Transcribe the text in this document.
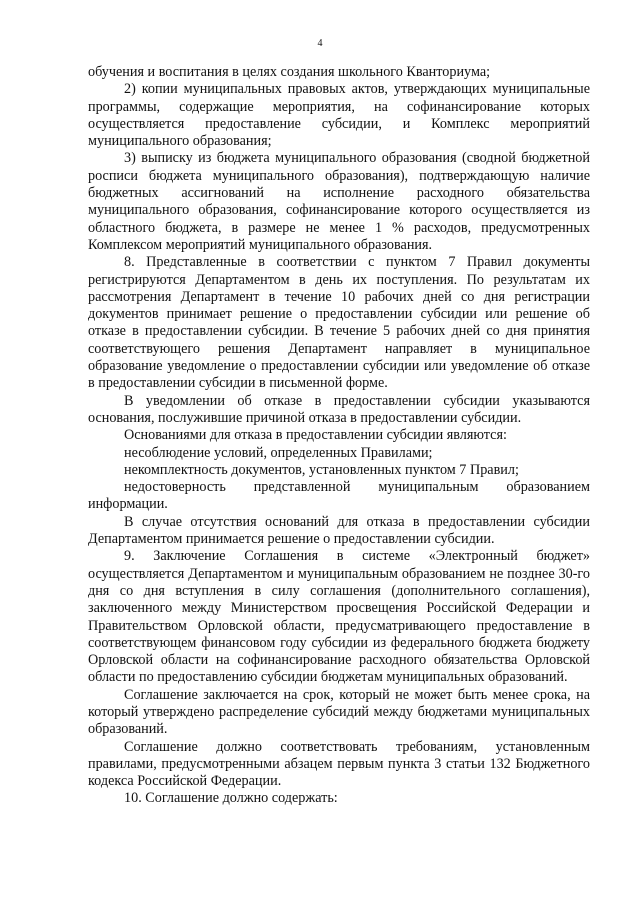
4

обучения и воспитания в целях создания школьного Кванториума;

2) копии муниципальных правовых актов, утверждающих муниципальные программы, содержащие мероприятия, на софинансирование которых осуществляется предоставление субсидии, и Комплекс мероприятий муниципального образования;

3) выписку из бюджета муниципального образования (сводной бюджетной росписи бюджета муниципального образования), подтверждающую наличие бюджетных ассигнований на исполнение расходного обязательства муниципального образования, софинансирование которого осуществляется из областного бюджета, в размере не менее 1 % расходов, предусмотренных Комплексом мероприятий муниципального образования.

8. Представленные в соответствии с пунктом 7 Правил документы регистрируются Департаментом в день их поступления. По результатам их рассмотрения Департамент в течение 10 рабочих дней со дня регистрации документов принимает решение о предоставлении субсидии или решение об отказе в предоставлении субсидии. В течение 5 рабочих дней со дня принятия соответствующего решения Департамент направляет в муниципальное образование уведомление о предоставлении субсидии или уведомление об отказе в предоставлении субсидии в письменной форме.

В уведомлении об отказе в предоставлении субсидии указываются основания, послужившие причиной отказа в предоставлении субсидии.

Основаниями для отказа в предоставлении субсидии являются:

несоблюдение условий, определенных Правилами;

некомплектность документов, установленных пунктом 7 Правил;

недостоверность представленной муниципальным образованием информации.

В случае отсутствия оснований для отказа в предоставлении субсидии Департаментом принимается решение о предоставлении субсидии.

9. Заключение Соглашения в системе «Электронный бюджет» осуществляется Департаментом и муниципальным образованием не позднее 30-го дня со дня вступления в силу соглашения (дополнительного соглашения), заключенного между Министерством просвещения Российской Федерации и Правительством Орловской области, предусматривающего предоставление в соответствующем финансовом году субсидии из федерального бюджета бюджету Орловской области на софинансирование расходного обязательства Орловской области по предоставлению субсидии бюджетам муниципальных образований.

Соглашение заключается на срок, который не может быть менее срока, на который утверждено распределение субсидий между бюджетами муниципальных образований.

Соглашение должно соответствовать требованиям, установленным правилами, предусмотренными абзацем первым пункта 3 статьи 132 Бюджетного кодекса Российской Федерации.

10. Соглашение должно содержать:
